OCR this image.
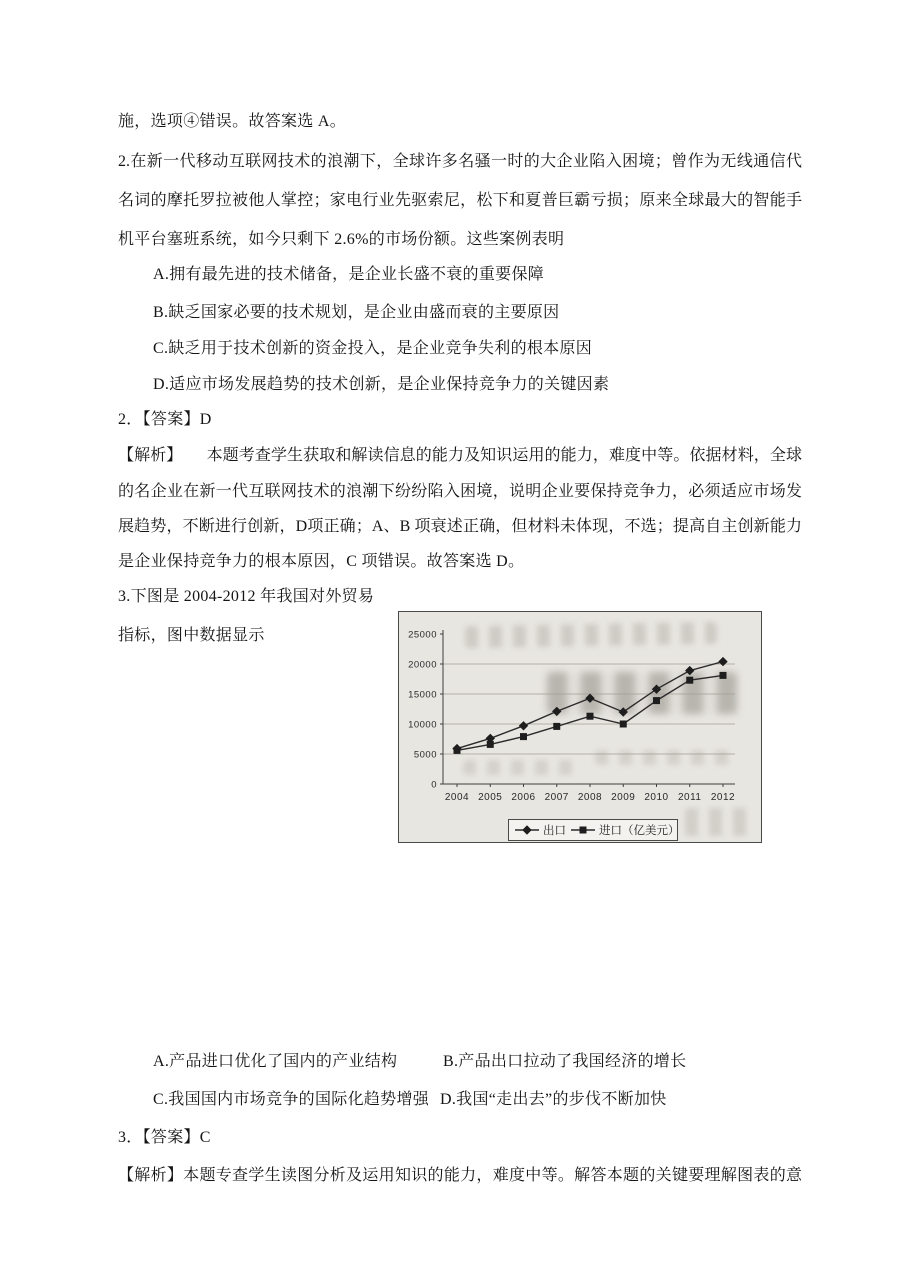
施，选项④错误。故答案选 A。
2.在新一代移动互联网技术的浪潮下，全球许多名骚一时的大企业陷入困境；曾作为无线通信代
名词的摩托罗拉被他人掌控；家电行业先驱索尼，松下和夏普巨霸亏损；原来全球最大的智能手
机平台塞班系统，如今只剩下 2.6%的市场份额。这些案例表明
A.拥有最先进的技术储备，是企业长盛不衰的重要保障
B.缺乏国家必要的技术规划，是企业由盛而衰的主要原因
C.缺乏用于技术创新的资金投入，是企业竞争失利的根本原因
D.适应市场发展趋势的技术创新，是企业保持竞争力的关键因素
2．【答案】D
【解析】　　本题考查学生获取和解读信息的能力及知识运用的能力，难度中等。依据材料，全球
的名企业在新一代互联网技术的浪潮下纷纷陷入困境，说明企业要保持竞争力，必须适应市场发
展趋势，不断进行创新，D项正确；A、B 项衰述正确，但材料未体现，不选；提高自主创新能力
是企业保持竞争力的根本原因，C 项错误。故答案选 D。
3.下图是 2004-2012 年我国对外贸易
指标，图中数据显示
0
5000
10000
15000
20000
25000
2004 2005 2006 2007 2008 2009 2010 2011 2012
出口	进口（亿美元）
A.产品进口优化了国内的产业结构	B.产品出口拉动了我国经济的增长
C.我国国内市场竞争的国际化趋势增强 D.我国“走出去”的步伐不断加快
3．【答案】C
【解析】本题专查学生读图分析及运用知识的能力，难度中等。解答本题的关键要理解图表的意
